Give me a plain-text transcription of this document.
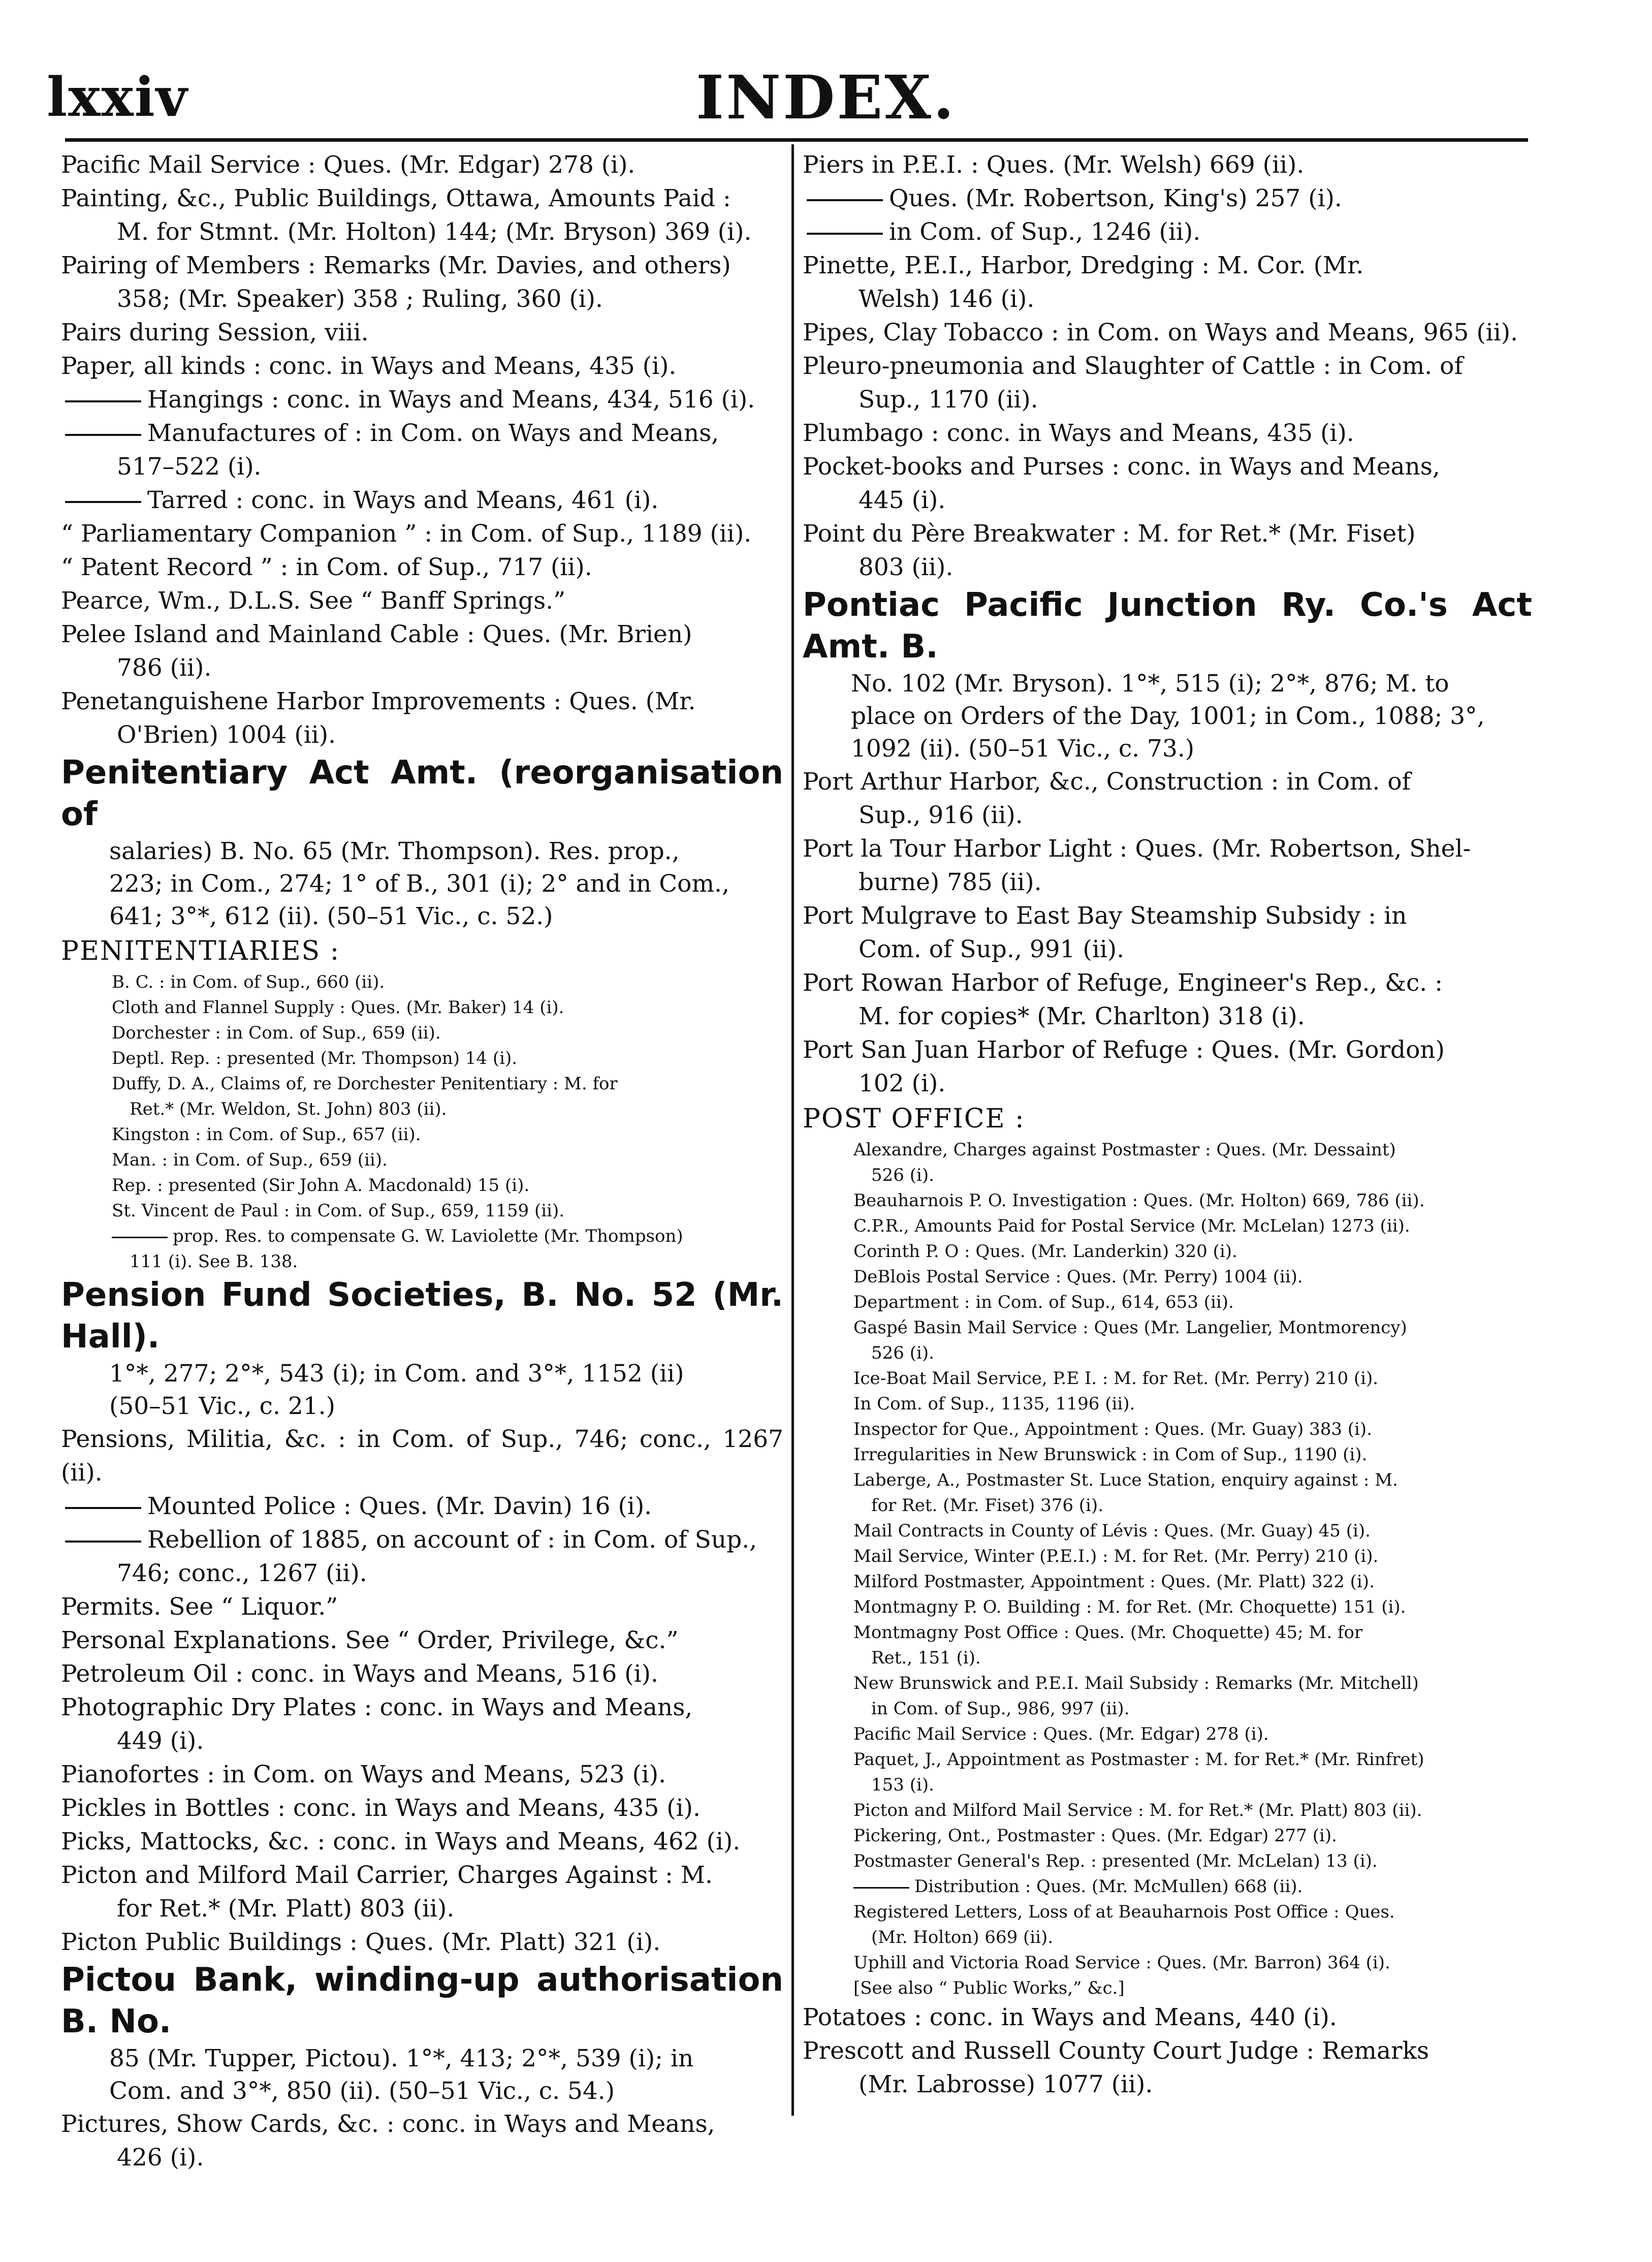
lxxiv	INDEX.
Pacific Mail Service : Ques. (Mr. Edgar) 278 (i).
Painting, &c., Public Buildings, Ottawa, Amounts Paid :
M. for Stmnt. (Mr. Holton) 144; (Mr. Bryson) 369 (i).
Pairing of Members : Remarks (Mr. Davies, and others)
358; (Mr. Speaker) 358 ; Ruling, 360 (i).
Pairs during Session, viii.
Paper, all kinds : conc. in Ways and Means, 435 (i).
Hangings : conc. in Ways and Means, 434, 516 (i).
Manufactures of : in Com. on Ways and Means,
517–522 (i).
Tarred : conc. in Ways and Means, 461 (i).
“ Parliamentary Companion ” : in Com. of Sup., 1189 (ii).
“ Patent Record ” : in Com. of Sup., 717 (ii).
Pearce, Wm., D.L.S. See “ Banff Springs.”
Pelee Island and Mainland Cable : Ques. (Mr. Brien)
786 (ii).
Penetanguishene Harbor Improvements : Ques. (Mr.
O'Brien) 1004 (ii).
Penitentiary Act Amt. (reorganisation of
salaries) B. No. 65 (Mr. Thompson). Res. prop.,
223; in Com., 274; 1° of B., 301 (i); 2° and in Com.,
641; 3°*, 612 (ii). (50–51 Vic., c. 52.)
PENITENTIARIES :
B. C. : in Com. of Sup., 660 (ii).
Cloth and Flannel Supply : Ques. (Mr. Baker) 14 (i).
Dorchester : in Com. of Sup., 659 (ii).
Deptl. Rep. : presented (Mr. Thompson) 14 (i).
Duffy, D. A., Claims of, re Dorchester Penitentiary : M. for
Ret.* (Mr. Weldon, St. John) 803 (ii).
Kingston : in Com. of Sup., 657 (ii).
Man. : in Com. of Sup., 659 (ii).
Rep. : presented (Sir John A. Macdonald) 15 (i).
St. Vincent de Paul : in Com. of Sup., 659, 1159 (ii).
prop. Res. to compensate G. W. Laviolette (Mr. Thompson)
111 (i). See B. 138.
Pension Fund Societies, B. No. 52 (Mr. Hall).
1°*, 277; 2°*, 543 (i); in Com. and 3°*, 1152 (ii)
(50–51 Vic., c. 21.)
Pensions, Militia, &c. : in Com. of Sup., 746; conc., 1267 (ii).
Mounted Police : Ques. (Mr. Davin) 16 (i).
Rebellion of 1885, on account of : in Com. of Sup.,
746; conc., 1267 (ii).
Permits. See “ Liquor.”
Personal Explanations. See “ Order, Privilege, &c.”
Petroleum Oil : conc. in Ways and Means, 516 (i).
Photographic Dry Plates : conc. in Ways and Means,
449 (i).
Pianofortes : in Com. on Ways and Means, 523 (i).
Pickles in Bottles : conc. in Ways and Means, 435 (i).
Picks, Mattocks, &c. : conc. in Ways and Means, 462 (i).
Picton and Milford Mail Carrier, Charges Against : M.
for Ret.* (Mr. Platt) 803 (ii).
Picton Public Buildings : Ques. (Mr. Platt) 321 (i).
Pictou Bank, winding-up authorisation B. No.
85 (Mr. Tupper, Pictou). 1°*, 413; 2°*, 539 (i); in
Com. and 3°*, 850 (ii). (50–51 Vic., c. 54.)
Pictures, Show Cards, &c. : conc. in Ways and Means,
426 (i).
Piers in P.E.I. : Ques. (Mr. Welsh) 669 (ii).
Ques. (Mr. Robertson, King's) 257 (i).
in Com. of Sup., 1246 (ii).
Pinette, P.E.I., Harbor, Dredging : M. Cor. (Mr.
Welsh) 146 (i).
Pipes, Clay Tobacco : in Com. on Ways and Means, 965 (ii).
Pleuro-pneumonia and Slaughter of Cattle : in Com. of
Sup., 1170 (ii).
Plumbago : conc. in Ways and Means, 435 (i).
Pocket-books and Purses : conc. in Ways and Means,
445 (i).
Point du Père Breakwater : M. for Ret.* (Mr. Fiset)
803 (ii).
Pontiac Pacific Junction Ry. Co.'s Act Amt. B.
No. 102 (Mr. Bryson). 1°*, 515 (i); 2°*, 876; M. to
place on Orders of the Day, 1001; in Com., 1088; 3°,
1092 (ii). (50–51 Vic., c. 73.)
Port Arthur Harbor, &c., Construction : in Com. of
Sup., 916 (ii).
Port la Tour Harbor Light : Ques. (Mr. Robertson, Shel-
burne) 785 (ii).
Port Mulgrave to East Bay Steamship Subsidy : in
Com. of Sup., 991 (ii).
Port Rowan Harbor of Refuge, Engineer's Rep., &c. :
M. for copies* (Mr. Charlton) 318 (i).
Port San Juan Harbor of Refuge : Ques. (Mr. Gordon)
102 (i).
POST OFFICE :
Alexandre, Charges against Postmaster : Ques. (Mr. Dessaint)
526 (i).
Beauharnois P. O. Investigation : Ques. (Mr. Holton) 669, 786 (ii).
C.P.R., Amounts Paid for Postal Service (Mr. McLelan) 1273 (ii).
Corinth P. O : Ques. (Mr. Landerkin) 320 (i).
DeBlois Postal Service : Ques. (Mr. Perry) 1004 (ii).
Department : in Com. of Sup., 614, 653 (ii).
Gaspé Basin Mail Service : Ques (Mr. Langelier, Montmorency)
526 (i).
Ice-Boat Mail Service, P.E I. : M. for Ret. (Mr. Perry) 210 (i).
In Com. of Sup., 1135, 1196 (ii).
Inspector for Que., Appointment : Ques. (Mr. Guay) 383 (i).
Irregularities in New Brunswick : in Com of Sup., 1190 (i).
Laberge, A., Postmaster St. Luce Station, enquiry against : M.
for Ret. (Mr. Fiset) 376 (i).
Mail Contracts in County of Lévis : Ques. (Mr. Guay) 45 (i).
Mail Service, Winter (P.E.I.) : M. for Ret. (Mr. Perry) 210 (i).
Milford Postmaster, Appointment : Ques. (Mr. Platt) 322 (i).
Montmagny P. O. Building : M. for Ret. (Mr. Choquette) 151 (i).
Montmagny Post Office : Ques. (Mr. Choquette) 45; M. for
Ret., 151 (i).
New Brunswick and P.E.I. Mail Subsidy : Remarks (Mr. Mitchell)
in Com. of Sup., 986, 997 (ii).
Pacific Mail Service : Ques. (Mr. Edgar) 278 (i).
Paquet, J., Appointment as Postmaster : M. for Ret.* (Mr. Rinfret)
153 (i).
Picton and Milford Mail Service : M. for Ret.* (Mr. Platt) 803 (ii).
Pickering, Ont., Postmaster : Ques. (Mr. Edgar) 277 (i).
Postmaster General's Rep. : presented (Mr. McLelan) 13 (i).
Distribution : Ques. (Mr. McMullen) 668 (ii).
Registered Letters, Loss of at Beauharnois Post Office : Ques.
(Mr. Holton) 669 (ii).
Uphill and Victoria Road Service : Ques. (Mr. Barron) 364 (i).
[See also “ Public Works,” &c.]
Potatoes : conc. in Ways and Means, 440 (i).
Prescott and Russell County Court Judge : Remarks
(Mr. Labrosse) 1077 (ii).
